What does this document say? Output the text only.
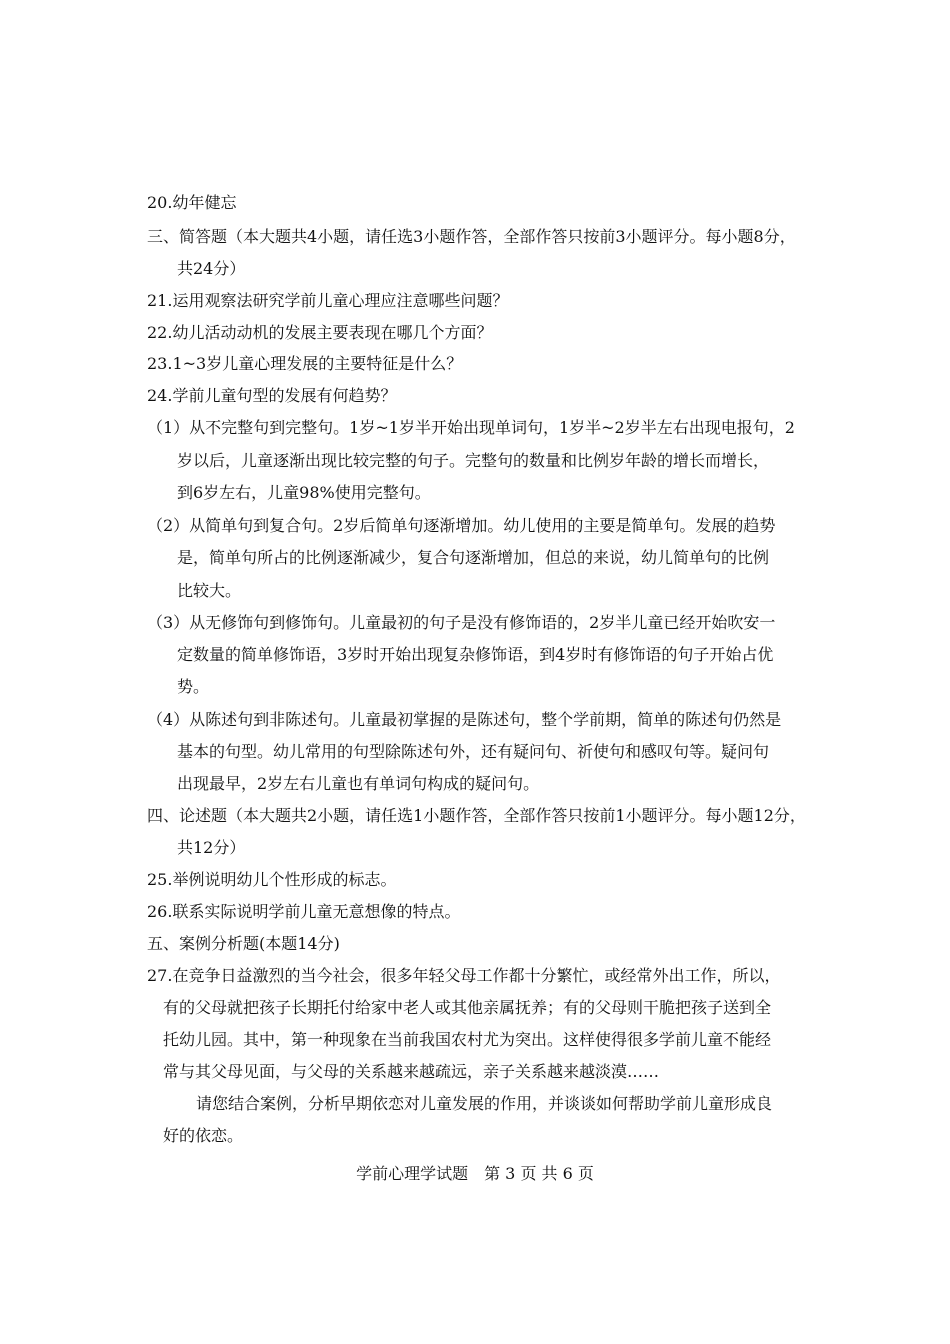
20.幼年健忘

三、简答题（本大题共4小题，请任选3小题作答，全部作答只按前3小题评分。每小题8分，

共24分）

21.运用观察法研究学前儿童心理应注意哪些问题？

22.幼儿活动动机的发展主要表现在哪几个方面？

23.1~3岁儿童心理发展的主要特征是什么？

24.学前儿童句型的发展有何趋势？

（1）从不完整句到完整句。1岁~1岁半开始出现单词句，1岁半~2岁半左右出现电报句，2

岁以后，儿童逐渐出现比较完整的句子。完整句的数量和比例岁年龄的增长而增长，

到6岁左右，儿童98%使用完整句。

（2）从简单句到复合句。2岁后简单句逐渐增加。幼儿使用的主要是简单句。发展的趋势

是，简单句所占的比例逐渐减少，复合句逐渐增加，但总的来说，幼儿简单句的比例

比较大。

（3）从无修饰句到修饰句。儿童最初的句子是没有修饰语的，2岁半儿童已经开始吹安一

定数量的简单修饰语，3岁时开始出现复杂修饰语，到4岁时有修饰语的句子开始占优

势。

（4）从陈述句到非陈述句。儿童最初掌握的是陈述句，整个学前期，简单的陈述句仍然是

基本的句型。幼儿常用的句型除陈述句外，还有疑问句、祈使句和感叹句等。疑问句

出现最早，2岁左右儿童也有单词句构成的疑问句。

四、论述题（本大题共2小题，请任选1小题作答，全部作答只按前1小题评分。每小题12分，

共12分）

25.举例说明幼儿个性形成的标志。

26.联系实际说明学前儿童无意想像的特点。

五、案例分析题(本题14分)

27.在竞争日益激烈的当今社会，很多年轻父母工作都十分繁忙，或经常外出工作，所以，

有的父母就把孩子长期托付给家中老人或其他亲属抚养；有的父母则干脆把孩子送到全

托幼儿园。其中，第一种现象在当前我国农村尤为突出。这样使得很多学前儿童不能经

常与其父母见面，与父母的关系越来越疏远，亲子关系越来越淡漠……

请您结合案例，分析早期依恋对儿童发展的作用，并谈谈如何帮助学前儿童形成良

好的依恋。

学前心理学试题　第 3 页 共 6 页
